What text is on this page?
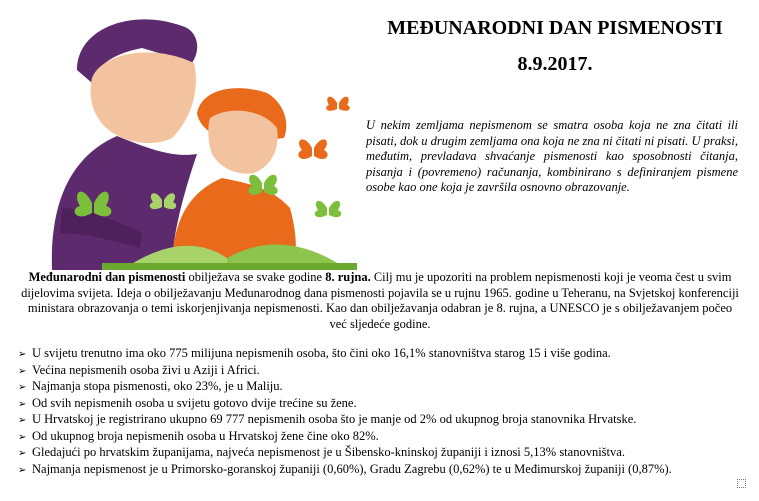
MEĐUNARODNI DAN PISMENOSTI
8.9.2017.

U nekim zemljama nepismenom se smatra osoba koja ne zna čitati ili pisati, dok u drugim zemljama ona koja ne zna ni čitati ni pisati. U praksi, međutim, prevladava shvaćanje pismenosti kao sposobnosti čitanja, pisanja i (povremeno) računanja, kombinirano s definiranjem pismene osobe kao one koja je završila osnovno obrazovanje.

Međunarodni dan pismenosti obilježava se svake godine 8. rujna. Cilj mu je upozoriti na problem nepismenosti koji je veoma čest u svim dijelovima svijeta. Ideja o obilježavanju Međunarodnog dana pismenosti pojavila se u rujnu 1965. godine u Teheranu, na Svjetskoj konferenciji ministara obrazovanja o temi iskorjenjivanja nepismenosti. Kao dan obilježavanja odabran je 8. rujna, a UNESCO je s obilježavanjem počeo već sljedeće godine.

➢ U svijetu trenutno ima oko 775 milijuna nepismenih osoba, što čini oko 16,1% stanovništva starog 15 i više godina.
➢ Većina nepismenih osoba živi u Aziji i Africi.
➢ Najmanja stopa pismenosti, oko 23%, je u Maliju.
➢ Od svih nepismenih osoba u svijetu gotovo dvije trećine su žene.
➢ U Hrvatskoj je registrirano ukupno 69 777 nepismenih osoba što je manje od 2% od ukupnog broja stanovnika Hrvatske.
➢ Od ukupnog broja nepismenih osoba u Hrvatskoj žene čine oko 82%.
➢ Gledajući po hrvatskim županijama, najveća nepismenost je u Šibensko-kninskoj županiji i iznosi 5,13% stanovništva.
➢ Najmanja nepismenost je u Primorsko-goranskoj županiji (0,60%), Gradu Zagrebu (0,62%) te u Međimurskoj županiji (0,87%).
